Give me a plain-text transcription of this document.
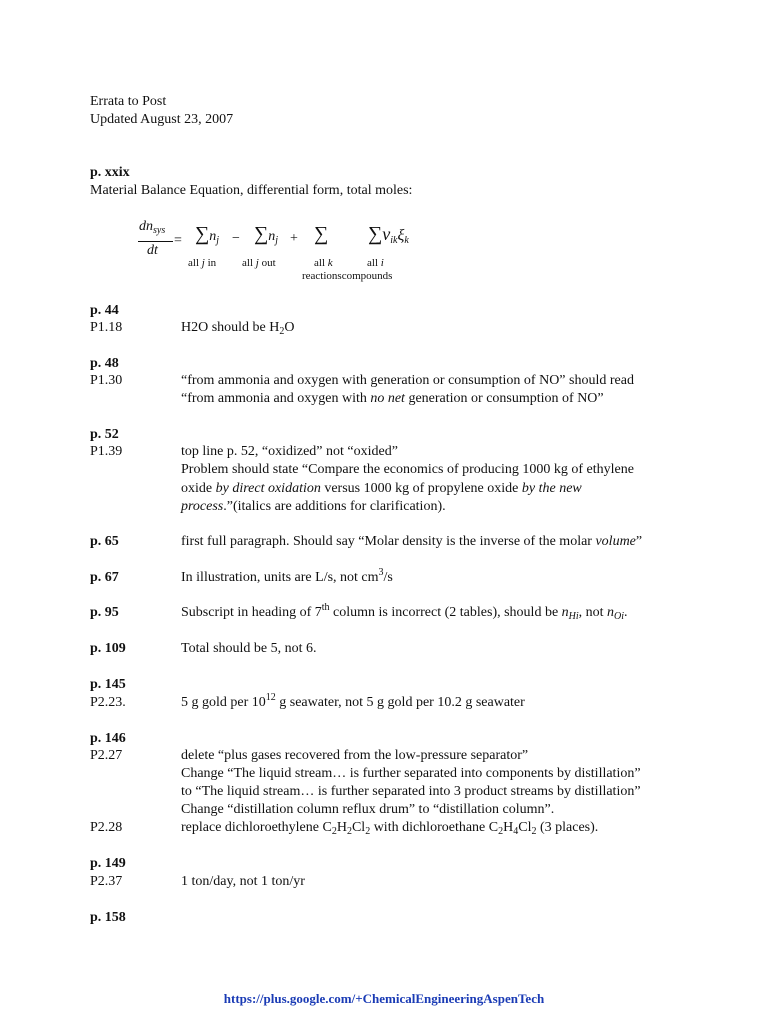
Errata to Post
Updated August 23, 2007
p. xxix
Material Balance Equation, differential form, total moles:
$dn_{sys}$
dt
= $\sum n_j - \sum n_j$ + ∑ $\sum\nu_{ik}\xi_k$
all j in all j out	all k	all i
reactionscompounds
p. 44
P1.18	H2O should be $H_2O$
p. 48
P1.30	“from ammonia and oxygen with generation or consumption of NO” should read
“from ammonia and oxygen with no net generation or consumption of NO”
p. 52
P1.39	top line p. 52, “oxidized” not “oxided”
Problem should state “Compare the economics of producing 1000 kg of ethylene
oxide by direct oxidation versus 1000 kg of propylene oxide by the new
process.”(italics are additions for clarification).
p. 65	first full paragraph. Should say “Molar density is the inverse of the molar volume”
p. 67	In illustration, units are L/s, not $cm^3/s$
p. 95	Subscript in heading of 7th column is incorrect (2 tables), should be $n_{Hi}$, not $n_{Oi}$.
p. 109	Total should be 5, not 6.
p. 145
P2.23.	5 g gold per $10^{12}$ g seawater, not 5 g gold per 10.2 g seawater
p. 146
P2.27	delete “plus gases recovered from the low-pressure separator”
Change “The liquid stream… is further separated into components by distillation”
to “The liquid stream… is further separated into 3 product streams by distillation”
Change “distillation column reflux drum” to “distillation column”.
P2.28	replace dichloroethylene $C_2H_2Cl_2$ with dichloroethane $C_2H_4Cl_2$ (3 places).
p. 149
P2.37	1 ton/day, not 1 ton/yr
p. 158
https://plus.google.com/+ChemicalEngineeringAspenTech
